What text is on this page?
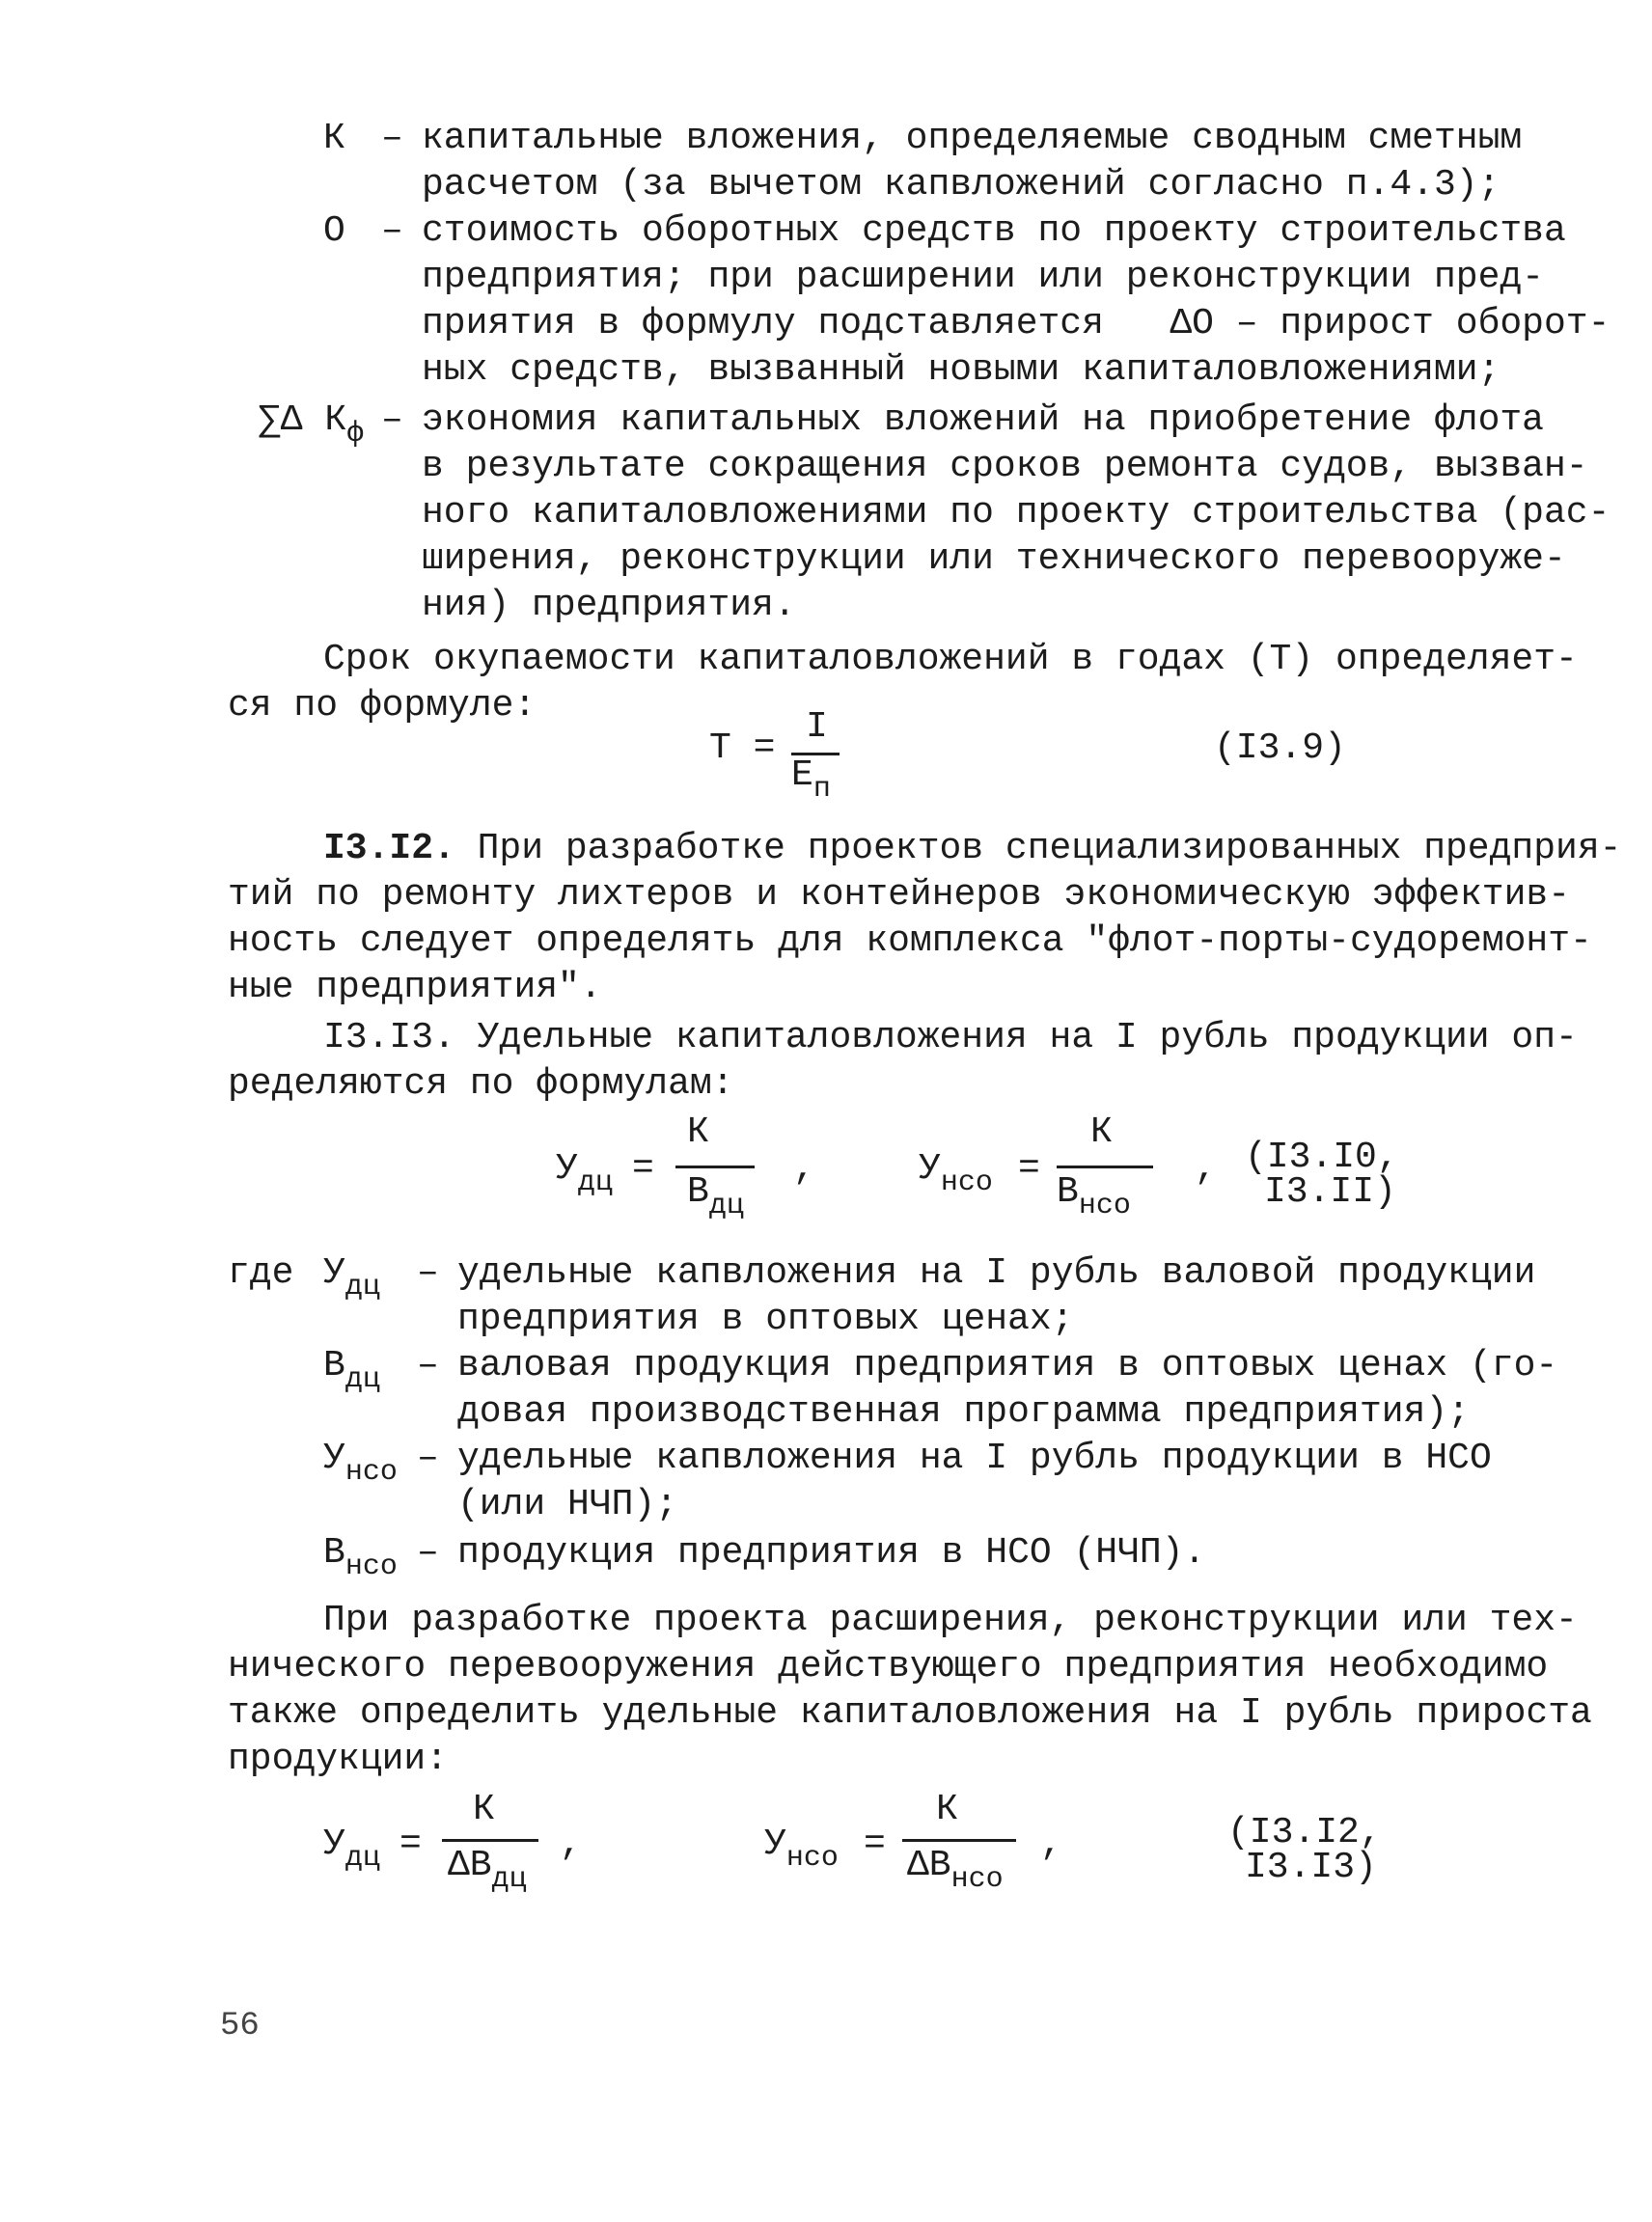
К – капитальные вложения, определяемые сводным сметным
расчетом (за вычетом капвложений согласно п.4.3);
О – стоимость оборотных средств по проекту строительства
предприятия; при расширении или реконструкции пред-
приятия в формулу подставляется   ΔО – прирост оборот-
ных средств, вызванный новыми капиталовложениями;
∑Δ $К_ф$ – экономия капитальных вложений на приобретение флота
в результате сокращения сроков ремонта судов, вызван-
ного капиталовложениями по проекту строительства (рас-
ширения, реконструкции или технического перевооруже-
ния) предприятия.
Срок окупаемости капиталовложений в годах (Т) определяет-
ся по формуле:
Т =
I
$Е_п$
(I3.9)
I3.I2. При разработке проектов специализированных предприя-
тий по ремонту лихтеров и контейнеров экономическую эффектив-
ность следует определять для комплекса "флот-порты-судоремонт-
ные предприятия".
I3.I3. Удельные капиталовложения на I рубль продукции оп-
ределяются по формулам:
$У_{дц}$ =
К
$В_{дц}$
,	$У_{нсо}$ =
К
$В_{нсо}$
, (I3.I0,
I3.II)
где $У_{дц}$ – удельные капвложения на I рубль валовой продукции
предприятия в оптовых ценах;
$В_{дц}$ – валовая продукция предприятия в оптовых ценах (го-
довая производственная программа предприятия);
$У_{нсо}$ – удельные капвложения на I рубль продукции в НСО
(или НЧП);
$В_{нсо}$ – продукция предприятия в НСО (НЧП).
При разработке проекта расширения, реконструкции или тех-
нического перевооружения действующего предприятия необходимо
также определить удельные капиталовложения на I рубль прироста
продукции:
$У_{дц}$ =
К
$\Delta В_{дц}$
,	$У_{нсо}$ =
К
$\Delta В_{нсо}$
,	(I3.I2,
I3.I3)
56
